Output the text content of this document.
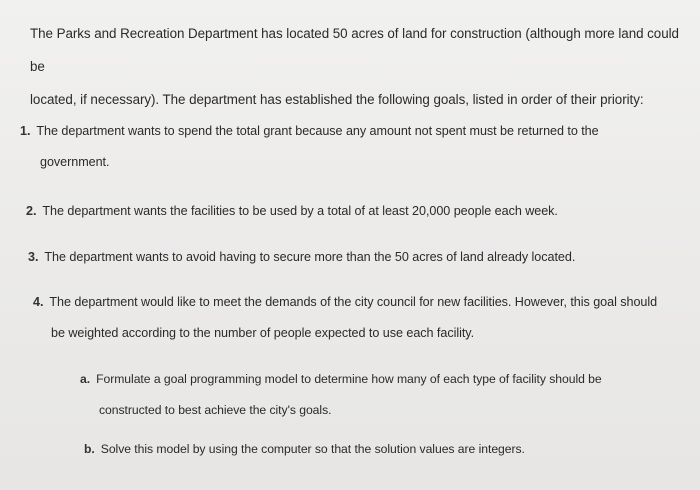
The Parks and Recreation Department has located 50 acres of land for construction (although more land could be
located, if necessary). The department has established the following goals, listed in order of their priority:
1. The department wants to spend the total grant because any amount not spent must be returned to the
government.
2. The department wants the facilities to be used by a total of at least 20,000 people each week.
3. The department wants to avoid having to secure more than the 50 acres of land already located.
4. The department would like to meet the demands of the city council for new facilities. However, this goal should
be weighted according to the number of people expected to use each facility.
a. Formulate a goal programming model to determine how many of each type of facility should be
constructed to best achieve the city's goals.
b. Solve this model by using the computer so that the solution values are integers.
